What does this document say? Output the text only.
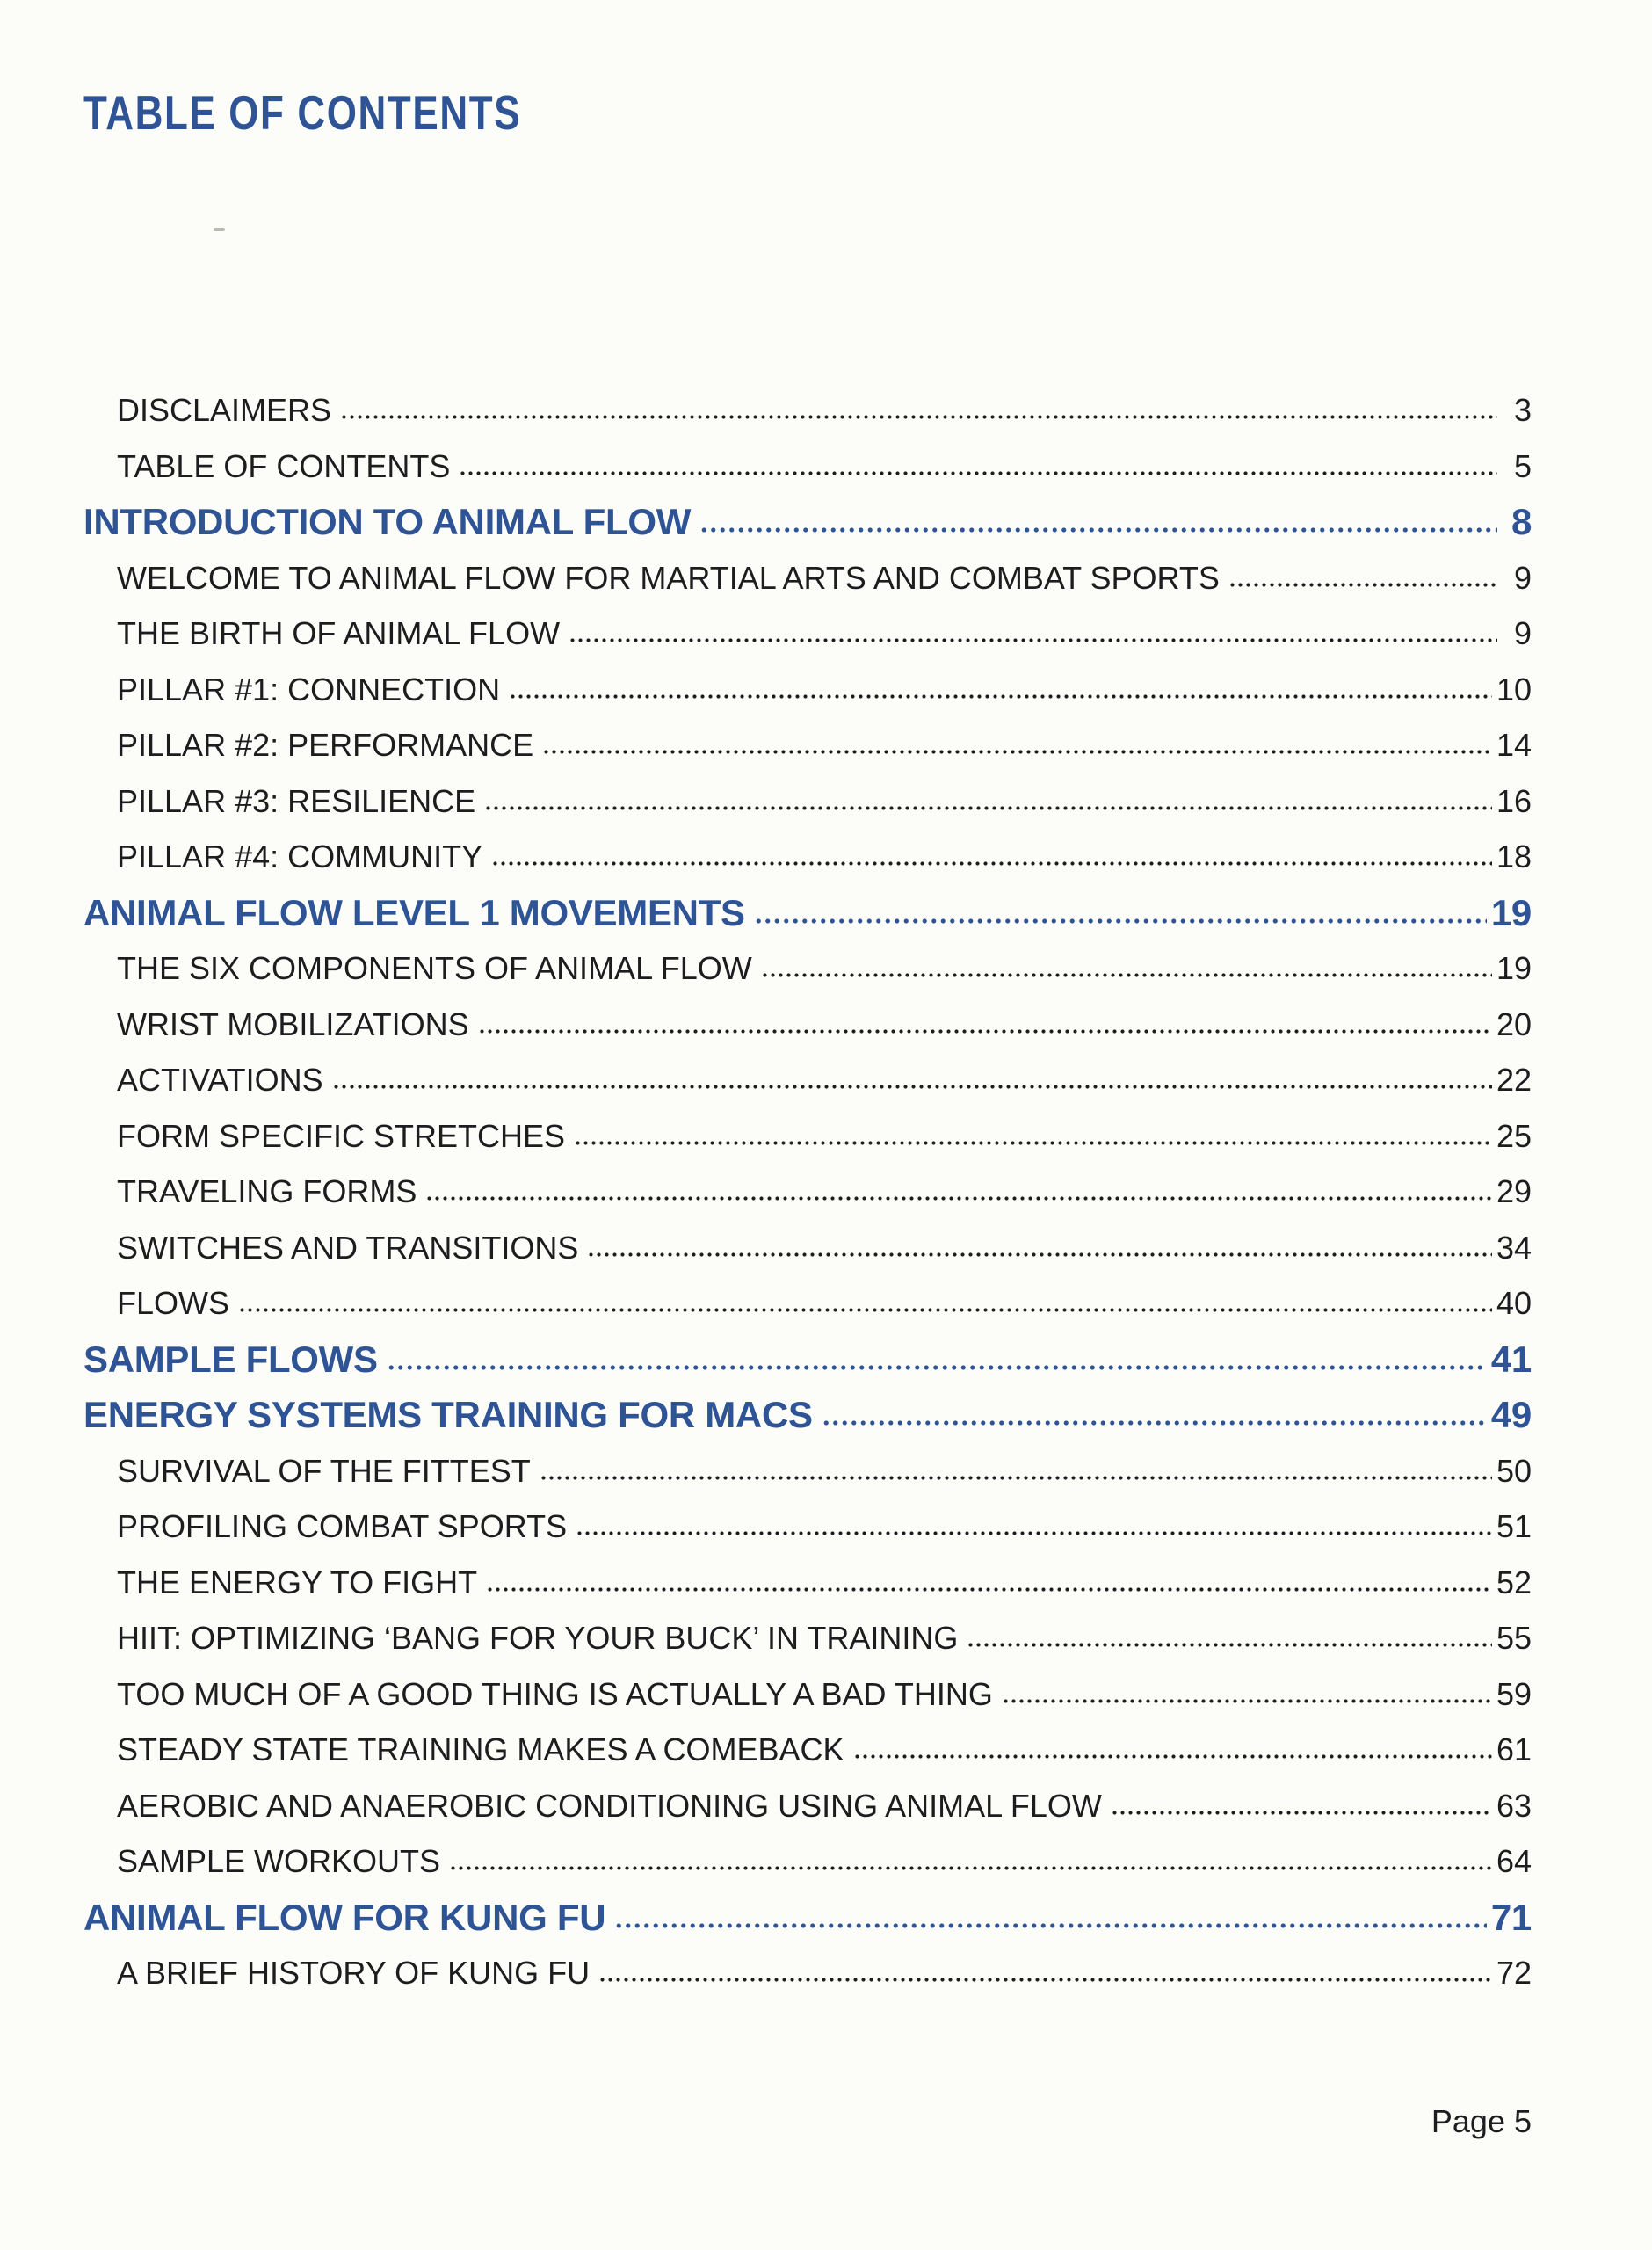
TABLE OF CONTENTS
DISCLAIMERS	3
TABLE OF CONTENTS	5
INTRODUCTION TO ANIMAL FLOW	8
WELCOME TO ANIMAL FLOW FOR MARTIAL ARTS AND COMBAT SPORTS	9
THE BIRTH OF ANIMAL FLOW	9
PILLAR #1: CONNECTION	10
PILLAR #2: PERFORMANCE	14
PILLAR #3: RESILIENCE	16
PILLAR #4: COMMUNITY	18
ANIMAL FLOW LEVEL 1 MOVEMENTS	19
THE SIX COMPONENTS OF ANIMAL FLOW	19
WRIST MOBILIZATIONS	20
ACTIVATIONS	22
FORM SPECIFIC STRETCHES	25
TRAVELING FORMS	29
SWITCHES AND TRANSITIONS	34
FLOWS	40
SAMPLE FLOWS	41
ENERGY SYSTEMS TRAINING FOR MACS	49
SURVIVAL OF THE FITTEST	50
PROFILING COMBAT SPORTS	51
THE ENERGY TO FIGHT	52
HIIT: OPTIMIZING ‘BANG FOR YOUR BUCK’ IN TRAINING	55
TOO MUCH OF A GOOD THING IS ACTUALLY A BAD THING	59
STEADY STATE TRAINING MAKES A COMEBACK	61
AEROBIC AND ANAEROBIC CONDITIONING USING ANIMAL FLOW	63
SAMPLE WORKOUTS	64
ANIMAL FLOW FOR KUNG FU	71
A BRIEF HISTORY OF KUNG FU	72
Page 5
